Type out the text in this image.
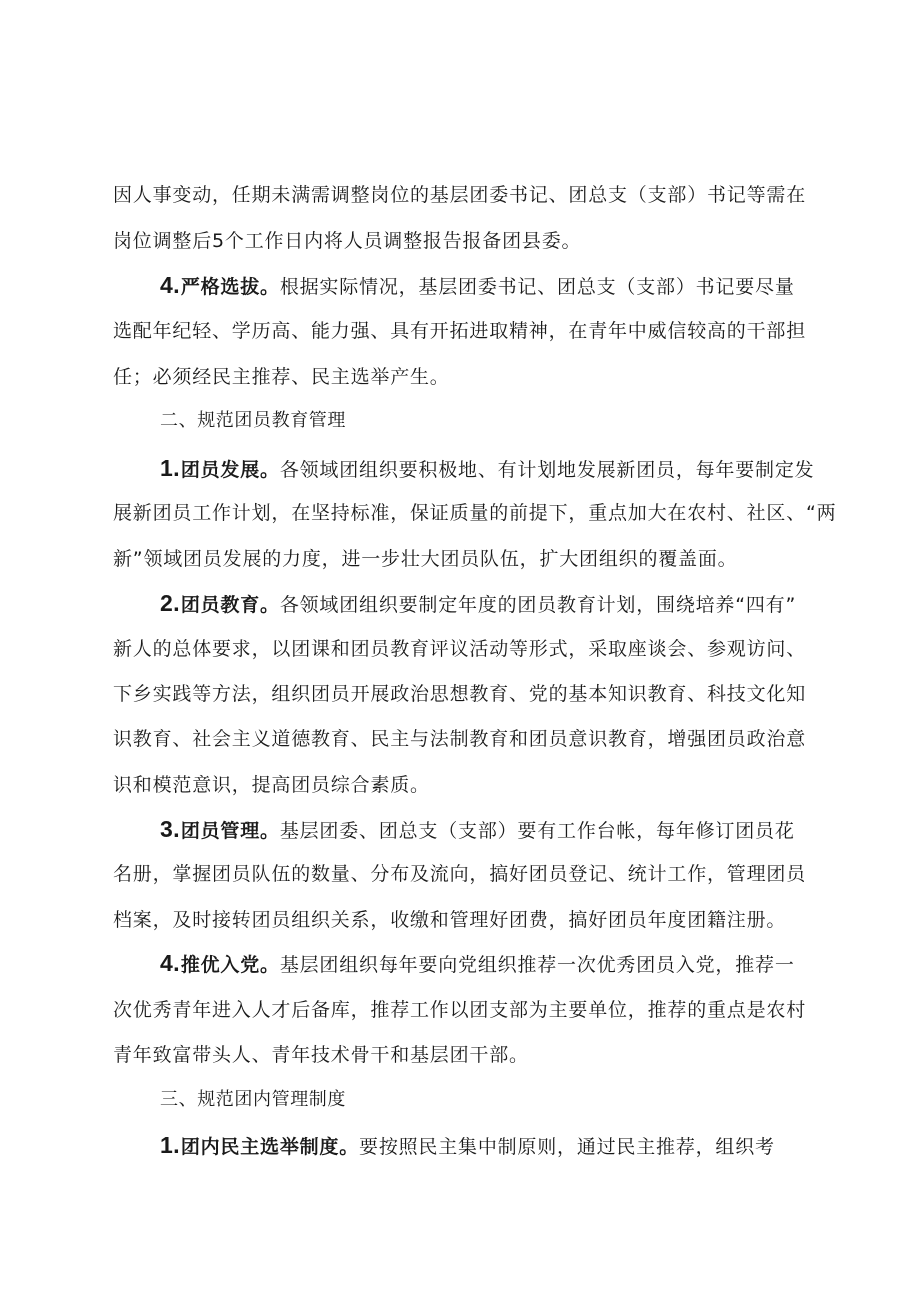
因人事变动，任期未满需调整岗位的基层团委书记、团总支（支部）书记等需在
岗位调整后5个工作日内将人员调整报告报备团县委。
4.严格选拔。根据实际情况，基层团委书记、团总支（支部）书记要尽量
选配年纪轻、学历高、能力强、具有开拓进取精神，在青年中威信较高的干部担
任；必须经民主推荐、民主选举产生。
二、规范团员教育管理
1.团员发展。各领域团组织要积极地、有计划地发展新团员，每年要制定发
展新团员工作计划，在坚持标准，保证质量的前提下，重点加大在农村、社区、“两
新”领域团员发展的力度，进一步壮大团员队伍，扩大团组织的覆盖面。
2.团员教育。各领域团组织要制定年度的团员教育计划，围绕培养“四有”
新人的总体要求，以团课和团员教育评议活动等形式，采取座谈会、参观访问、
下乡实践等方法，组织团员开展政治思想教育、党的基本知识教育、科技文化知
识教育、社会主义道德教育、民主与法制教育和团员意识教育，增强团员政治意
识和模范意识，提高团员综合素质。
3.团员管理。基层团委、团总支（支部）要有工作台帐，每年修订团员花
名册，掌握团员队伍的数量、分布及流向，搞好团员登记、统计工作，管理团员
档案，及时接转团员组织关系，收缴和管理好团费，搞好团员年度团籍注册。
4.推优入党。基层团组织每年要向党组织推荐一次优秀团员入党，推荐一
次优秀青年进入人才后备库，推荐工作以团支部为主要单位，推荐的重点是农村
青年致富带头人、青年技术骨干和基层团干部。
三、规范团内管理制度
1.团内民主选举制度。要按照民主集中制原则，通过民主推荐，组织考
